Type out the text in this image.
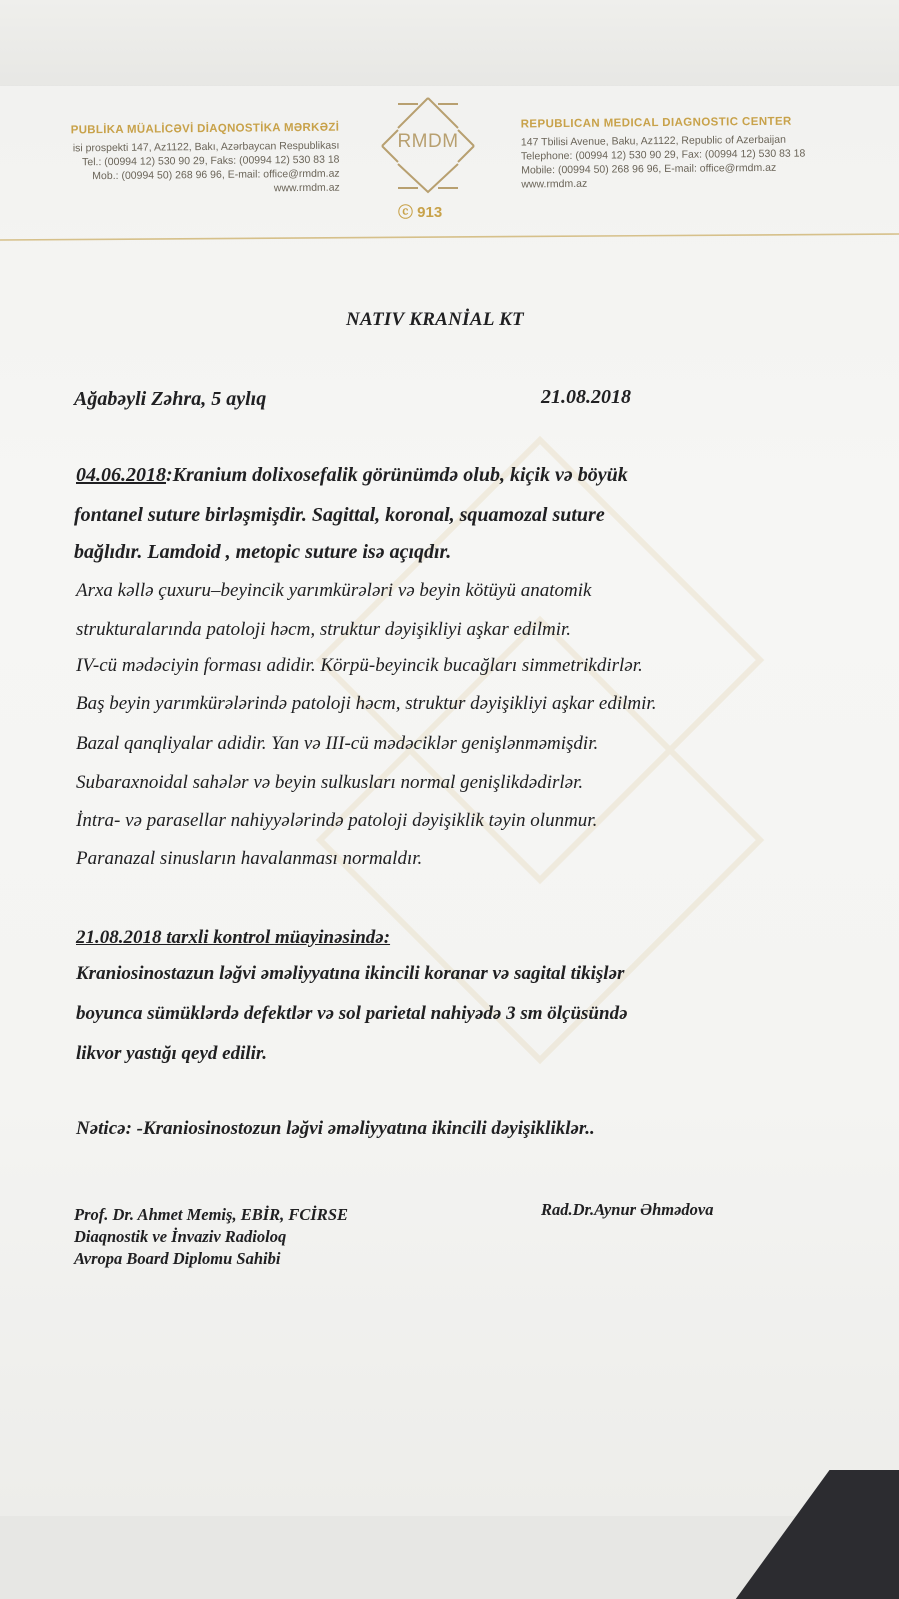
PUBLİKA MÜALİCƏVİ DİAQNOSTİKA MƏRKƏZİ
isi prospekti 147, Az1122, Bakı, Azərbaycan Respublikası
Tel.: (00994 12) 530 90 29, Faks: (00994 12) 530 83 18
Mob.: (00994 50) 268 96 96, E-mail: office@rmdm.az
www.rmdm.az
RMDM
ⓒ 913
REPUBLICAN MEDICAL DIAGNOSTIC CENTER
147 Tbilisi Avenue, Baku, Az1122, Republic of Azerbaijan
Telephone: (00994 12) 530 90 29, Fax: (00994 12) 530 83 18
Mobile: (00994 50) 268 96 96, E-mail: office@rmdm.az
www.rmdm.az
NATIV KRANİAL KT
Ağabəyli Zəhra, 5 aylıq	21.08.2018
04.06.2018:Kranium dolixosefalik görünümdə olub, kiçik və böyük
fontanel suture birləşmişdir. Sagittal, koronal, squamozal suture
bağlıdır. Lamdoid , metopic suture isə açıqdır.
Arxa kəllə çuxuru–beyincik yarımkürələri və beyin kötüyü anatomik
strukturalarında patoloji həcm, struktur dəyişikliyi aşkar edilmir.
IV-cü mədəciyin forması adidir. Körpü-beyincik bucağları simmetrikdirlər.
Baş beyin yarımkürələrində patoloji həcm, struktur dəyişikliyi aşkar edilmir.
Bazal qanqliyalar adidir. Yan və III-cü mədəciklər genişlənməmişdir.
Subaraxnoidal sahələr və beyin sulkusları normal genişlikdədirlər.
İntra- və parasellar nahiyyələrində patoloji dəyişiklik təyin olunmur.
Paranazal sinusların havalanması normaldır.
21.08.2018 tarxli kontrol müayinəsində:
Kraniosinostazun ləğvi əməliyyatına ikincili koranar və sagital tikişlər
boyunca sümüklərdə defektlər və sol parietal nahiyədə 3 sm ölçüsündə
likvor yastığı qeyd edilir.
Nəticə: -Kraniosinostozun ləğvi əməliyyatına ikincili dəyişikliklər..
Prof. Dr. Ahmet Memiş, EBİR, FCİRSE
Diaqnostik ve İnvaziv Radioloq
Avropa Board Diplomu Sahibi
Rad.Dr.Aynur Əhmədova
